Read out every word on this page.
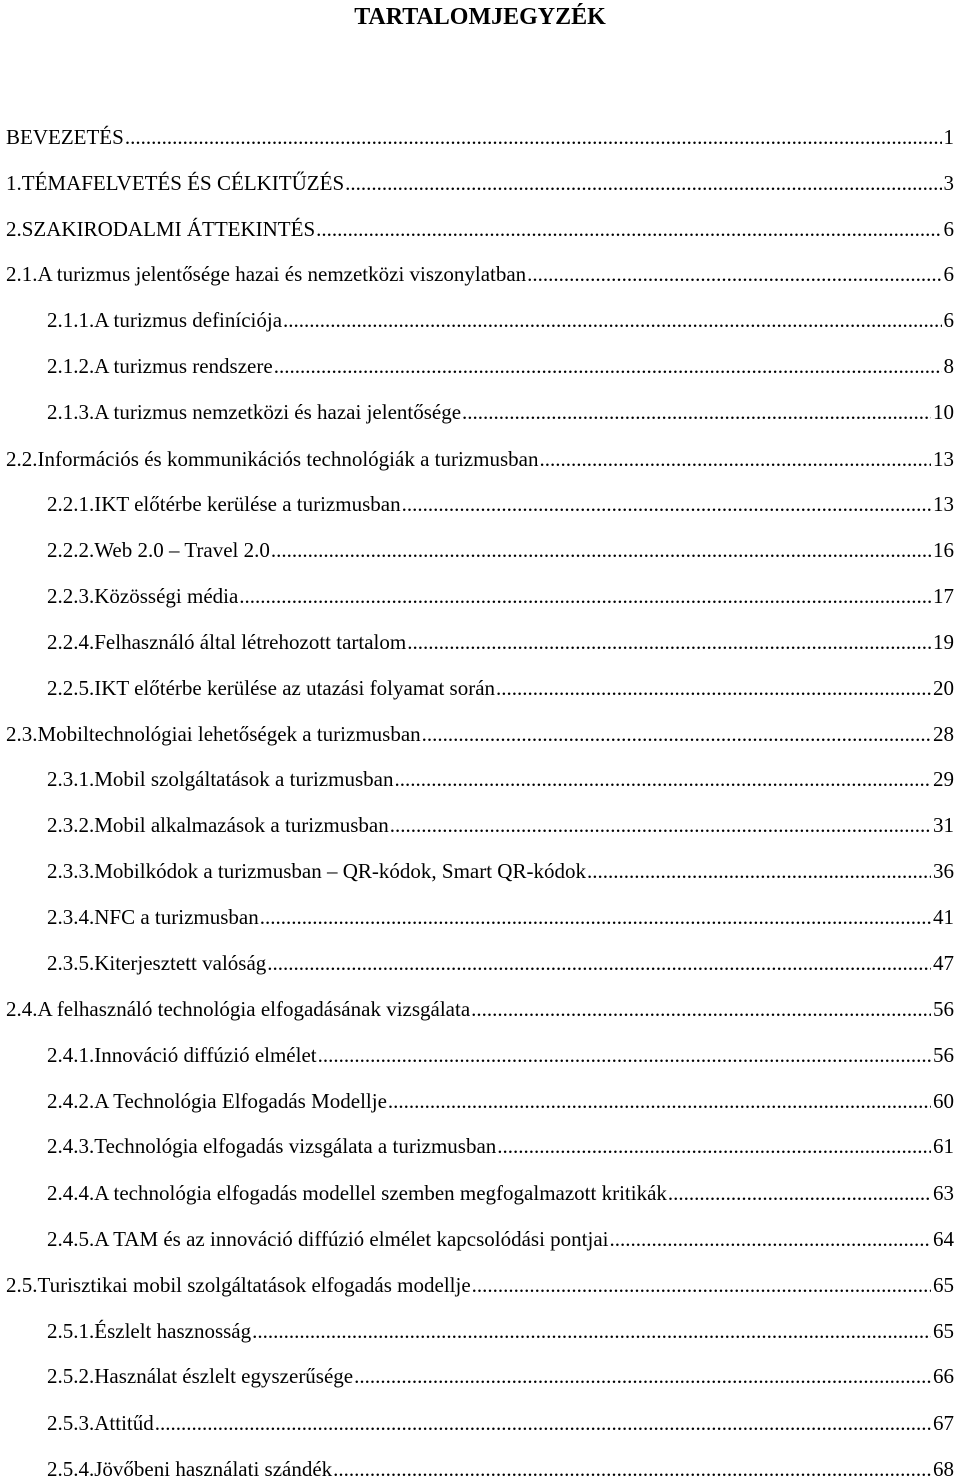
TARTALOMJEGYZÉK
BEVEZETÉS .....	1
1. TÉMAFELVETÉS ÉS CÉLKITŰZÉS .....	3
2. SZAKIRODALMI ÁTTEKINTÉS .....	6
2.1. A turizmus jelentősége hazai és nemzetközi viszonylatban .....	6
2.1.1. A turizmus definíciója .....	6
2.1.2. A turizmus rendszere .....	8
2.1.3. A turizmus nemzetközi és hazai jelentősége .....	10
2.2. Információs és kommunikációs technológiák a turizmusban .....	13
2.2.1. IKT előtérbe kerülése a turizmusban .....	13
2.2.2. Web 2.0 – Travel 2.0 .....	16
2.2.3. Közösségi média .....	17
2.2.4. Felhasználó által létrehozott tartalom .....	19
2.2.5. IKT előtérbe kerülése az utazási folyamat során .....	20
2.3. Mobiltechnológiai lehetőségek a turizmusban .....	28
2.3.1. Mobil szolgáltatások a turizmusban .....	29
2.3.2. Mobil alkalmazások a turizmusban .....	31
2.3.3. Mobilkódok a turizmusban – QR-kódok, Smart QR-kódok .....	36
2.3.4. NFC a turizmusban .....	41
2.3.5. Kiterjesztett valóság .....	47
2.4. A felhasználó technológia elfogadásának vizsgálata .....	56
2.4.1. Innováció diffúzió elmélet .....	56
2.4.2. A Technológia Elfogadás Modellje .....	60
2.4.3. Technológia elfogadás vizsgálata a turizmusban .....	61
2.4.4. A technológia elfogadás modellel szemben megfogalmazott kritikák .....	63
2.4.5. A TAM és az innováció diffúzió elmélet kapcsolódási pontjai .....	64
2.5. Turisztikai mobil szolgáltatások elfogadás modellje .....	65
2.5.1. Észlelt hasznosság .....	65
2.5.2. Használat észlelt egyszerűsége .....	66
2.5.3. Attitűd .....	67
2.5.4. Jövőbeni használati szándék .....	68
